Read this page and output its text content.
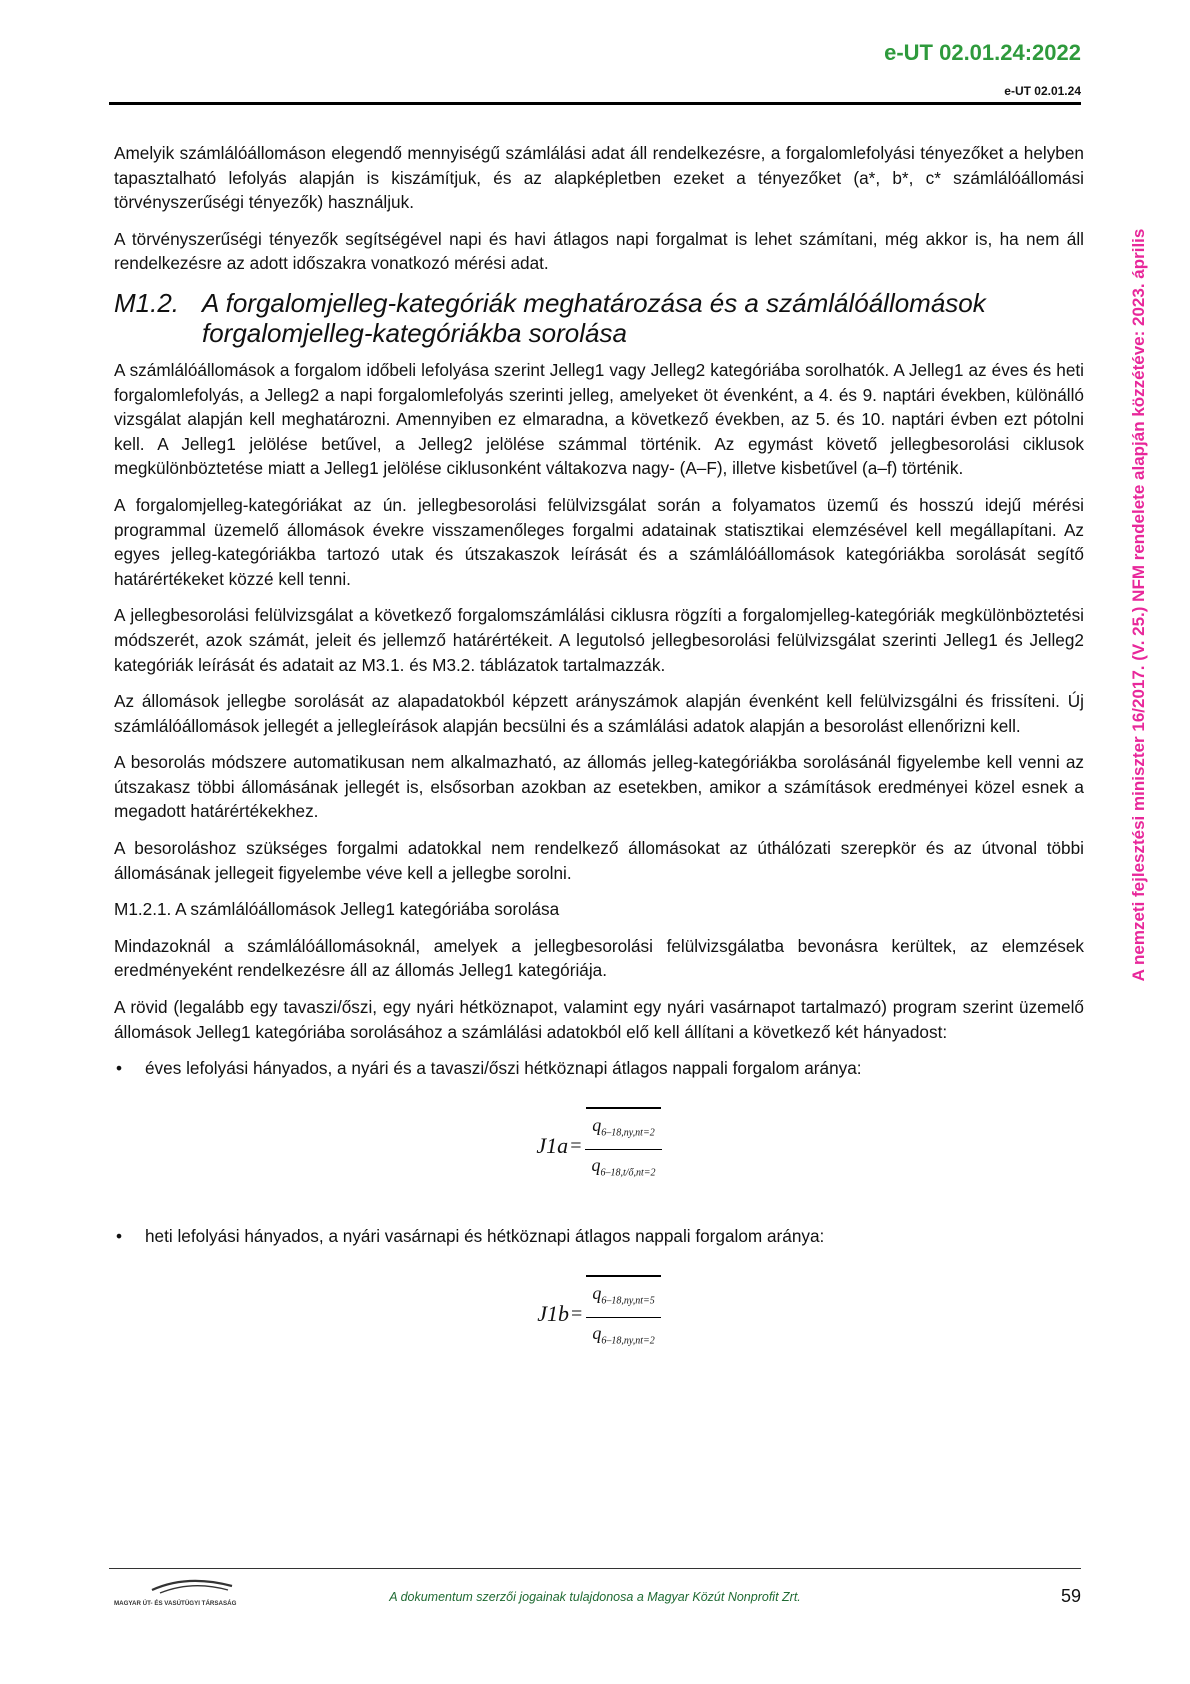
e-UT 02.01.24:2022
e-UT 02.01.24
A nemzeti fejlesztési miniszter 16/2017. (V. 25.) NFM rendelete alapján közzétéve: 2023. április

Amelyik számlálóállomáson elegendő mennyiségű számlálási adat áll rendelkezésre, a forgalomlefolyási tényezőket a helyben tapasztalható lefolyás alapján is kiszámítjuk, és az alapképletben ezeket a tényezőket (a*, b*, c* számlálóállomási törvényszerűségi tényezők) használjuk.

A törvényszerűségi tényezők segítségével napi és havi átlagos napi forgalmat is lehet számítani, még akkor is, ha nem áll rendelkezésre az adott időszakra vonatkozó mérési adat.

M1.2. A forgalomjelleg-kategóriák meghatározása és a számlálóállomások forgalomjelleg-kategóriákba sorolása

A számlálóállomások a forgalom időbeli lefolyása szerint Jelleg1 vagy Jelleg2 kategóriába sorolhatók. A Jelleg1 az éves és heti forgalomlefolyás, a Jelleg2 a napi forgalomlefolyás szerinti jelleg, amelyeket öt évenként, a 4. és 9. naptári években, különálló vizsgálat alapján kell meghatározni. Amennyiben ez elmaradna, a következő években, az 5. és 10. naptári évben ezt pótolni kell. A Jelleg1 jelölése betűvel, a Jelleg2 jelölése számmal történik. Az egymást követő jellegbesorolási ciklusok megkülönböztetése miatt a Jelleg1 jelölése ciklusonként váltakozva nagy- (A–F), illetve kisbetűvel (a–f) történik.

A forgalomjelleg-kategóriákat az ún. jellegbesorolási felülvizsgálat során a folyamatos üzemű és hosszú idejű mérési programmal üzemelő állomások évekre visszamenőleges forgalmi adatainak statisztikai elemzésével kell megállapítani. Az egyes jelleg-kategóriákba tartozó utak és útszakaszok leírását és a számlálóállomások kategóriákba sorolását segítő határértékeket közzé kell tenni.

A jellegbesorolási felülvizsgálat a következő forgalomszámlálási ciklusra rögzíti a forgalomjelleg-kategóriák megkülönböztetési módszerét, azok számát, jeleit és jellemző határértékeit. A legutolsó jellegbesorolási felülvizsgálat szerinti Jelleg1 és Jelleg2 kategóriák leírását és adatait az M3.1. és M3.2. táblázatok tartalmazzák.

Az állomások jellegbe sorolását az alapadatokból képzett arányszámok alapján évenként kell felülvizsgálni és frissíteni. Új számlálóállomások jellegét a jellegleírások alapján becsülni és a számlálási adatok alapján a besorolást ellenőrizni kell.

A besorolás módszere automatikusan nem alkalmazható, az állomás jelleg-kategóriákba sorolásánál figyelembe kell venni az útszakasz többi állomásának jellegét is, elsősorban azokban az esetekben, amikor a számítások eredményei közel esnek a megadott határértékekhez.

A besoroláshoz szükséges forgalmi adatokkal nem rendelkező állomásokat az úthálózati szerepkör és az útvonal többi állomásának jellegeit figyelembe véve kell a jellegbe sorolni.

M1.2.1. A számlálóállomások Jelleg1 kategóriába sorolása

Mindazoknál a számlálóállomásoknál, amelyek a jellegbesorolási felülvizsgálatba bevonásra kerültek, az elemzések eredményeként rendelkezésre áll az állomás Jelleg1 kategóriája.

A rövid (legalább egy tavaszi/őszi, egy nyári hétköznapot, valamint egy nyári vasárnapot tartalmazó) program szerint üzemelő állomások Jelleg1 kategóriába sorolásához a számlálási adatokból elő kell állítani a következő két hányadost:

•	éves lefolyási hányados, a nyári és a tavaszi/őszi hétköznapi átlagos nappali forgalom aránya:
$J1a = \frac{q_{6-18,ny,nt=2}}{q_{6-18,t/ő,nt=2}}$
•	heti lefolyási hányados, a nyári vasárnapi és hétköznapi átlagos nappali forgalom aránya:
$J1b = \frac{q_{6-18,ny,nt=5}}{q_{6-18,ny,nt=2}}$
MAGYAR ÚT- ÉS VASÚTÜGYI TÁRSASÁG	A dokumentum szerzői jogainak tulajdonosa a Magyar Közút Nonprofit Zrt.	59
